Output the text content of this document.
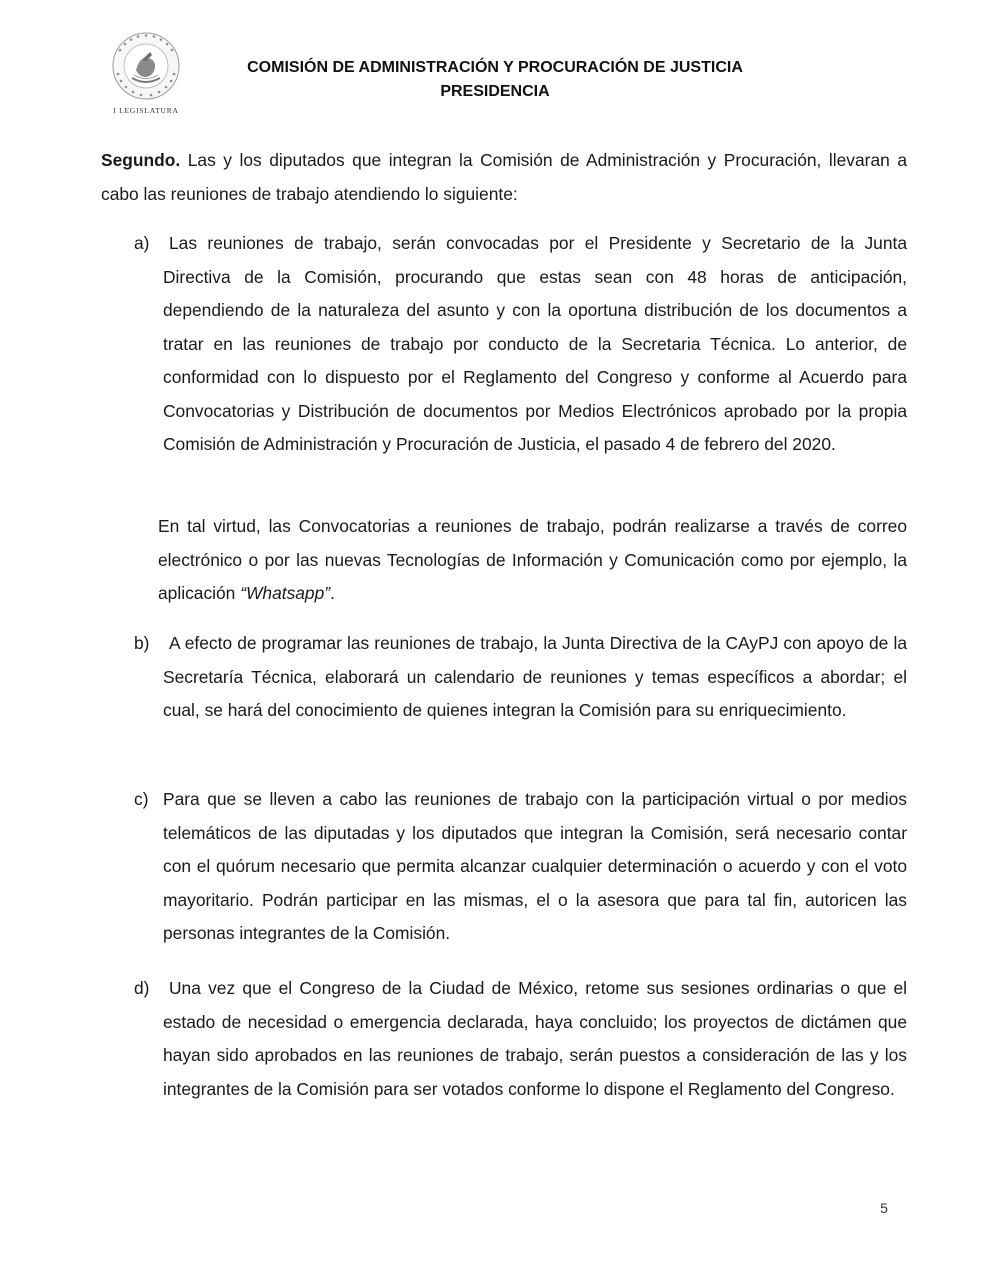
I LEGISLATURA
COMISIÓN DE ADMINISTRACIÓN Y PROCURACIÓN DE JUSTICIA
PRESIDENCIA
Segundo. Las y los diputados que integran la Comisión de Administración y Procuración, llevaran a cabo las reuniones de trabajo atendiendo lo siguiente:
a)	Las reuniones de trabajo, serán convocadas por el Presidente y Secretario de la Junta Directiva de la Comisión, procurando que estas sean con 48 horas de anticipación, dependiendo de la naturaleza del asunto y con la oportuna distribución de los documentos a tratar en las reuniones de trabajo por conducto de la Secretaria Técnica. Lo anterior, de conformidad con lo dispuesto por el Reglamento del Congreso y conforme al Acuerdo para Convocatorias y Distribución de documentos por Medios Electrónicos aprobado por la propia Comisión de Administración y Procuración de Justicia, el pasado 4 de febrero del 2020.
En tal virtud, las Convocatorias a reuniones de trabajo, podrán realizarse a través de correo electrónico o por las nuevas Tecnologías de Información y Comunicación como por ejemplo, la aplicación “Whatsapp”.
b)	A efecto de programar las reuniones de trabajo, la Junta Directiva de la CAyPJ con apoyo de la Secretaría Técnica, elaborará un calendario de reuniones y temas específicos a abordar; el cual, se hará del conocimiento de quienes integran la Comisión para su enriquecimiento.
c) Para que se lleven a cabo las reuniones de trabajo con la participación virtual o por medios telemáticos de las diputadas y los diputados que integran la Comisión, será necesario contar con el quórum necesario que permita alcanzar cualquier determinación o acuerdo y con el voto mayoritario. Podrán participar en las mismas, el o la asesora que para tal fin, autoricen las personas integrantes de la Comisión.
d)	Una vez que el Congreso de la Ciudad de México, retome sus sesiones ordinarias o que el estado de necesidad o emergencia declarada, haya concluido; los proyectos de dictámen que hayan sido aprobados en las reuniones de trabajo, serán puestos a consideración de las y los integrantes de la Comisión para ser votados conforme lo dispone el Reglamento del Congreso.
5
